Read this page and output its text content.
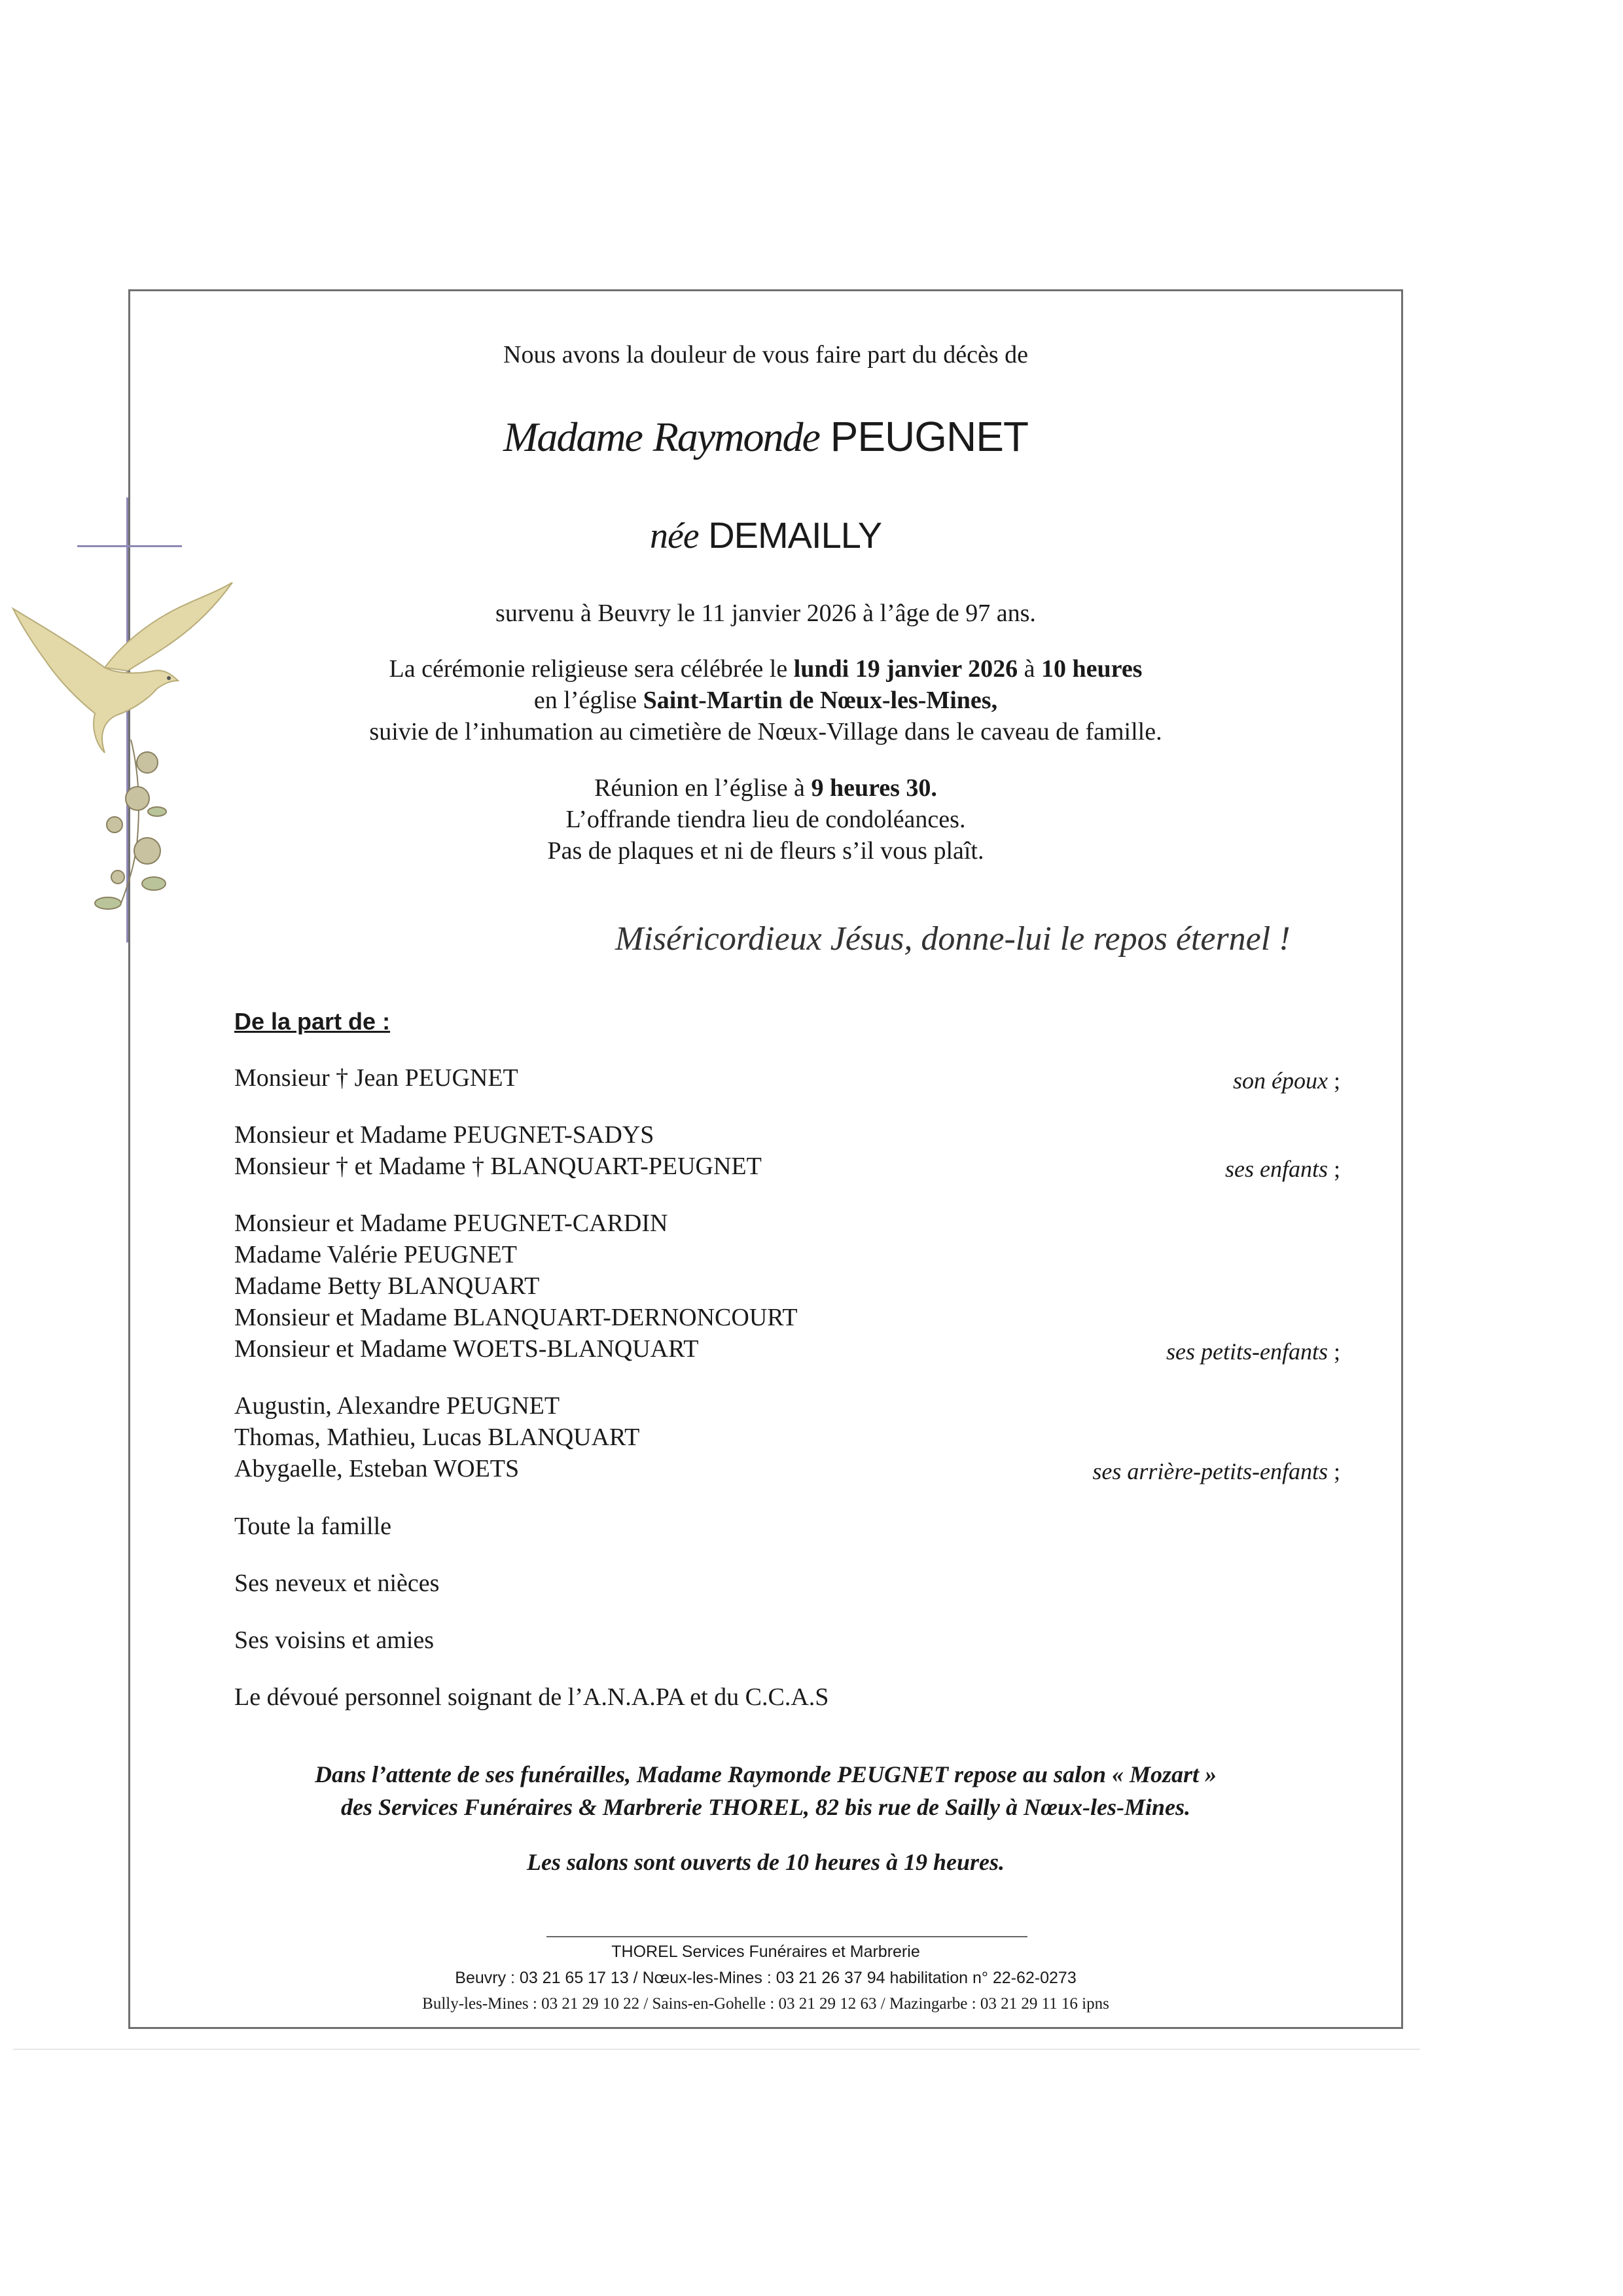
Nous avons la douleur de vous faire part du décès de
Madame Raymonde PEUGNET
née DEMAILLY
survenu à Beuvry le 11 janvier 2026 à l’âge de 97 ans.
La cérémonie religieuse sera célébrée le lundi 19 janvier 2026 à 10 heures
en l’église Saint-Martin de Nœux-les-Mines,
suivie de l’inhumation au cimetière de Nœux-Village dans le caveau de famille.
Réunion en l’église à 9 heures 30.
L’offrande tiendra lieu de condoléances.
Pas de plaques et ni de fleurs s’il vous plaît.
Miséricordieux Jésus, donne-lui le repos éternel !
De la part de :
Monsieur † Jean PEUGNET	son époux ;
Monsieur et Madame PEUGNET-SADYS
Monsieur † et Madame † BLANQUART-PEUGNET	ses enfants ;
Monsieur et Madame PEUGNET-CARDIN
Madame Valérie PEUGNET
Madame Betty BLANQUART
Monsieur et Madame BLANQUART-DERNONCOURT
Monsieur et Madame WOETS-BLANQUART	ses petits-enfants ;
Augustin, Alexandre PEUGNET
Thomas, Mathieu, Lucas BLANQUART
Abygaelle, Esteban WOETS	ses arrière-petits-enfants ;
Toute la famille
Ses neveux et nièces
Ses voisins et amies
Le dévoué personnel soignant de l’A.N.A.PA et du C.C.A.S
Dans l’attente de ses funérailles, Madame Raymonde PEUGNET repose au salon « Mozart »
des Services Funéraires & Marbrerie THOREL, 82 bis rue de Sailly à Nœux-les-Mines.
Les salons sont ouverts de 10 heures à 19 heures.
THOREL Services Funéraires et Marbrerie
Beuvry : 03 21 65 17 13 / Nœux-les-Mines : 03 21 26 37 94 habilitation n° 22-62-0273
Bully-les-Mines : 03 21 29 10 22 / Sains-en-Gohelle : 03 21 29 12 63 / Mazingarbe : 03 21 29 11 16 ipns
